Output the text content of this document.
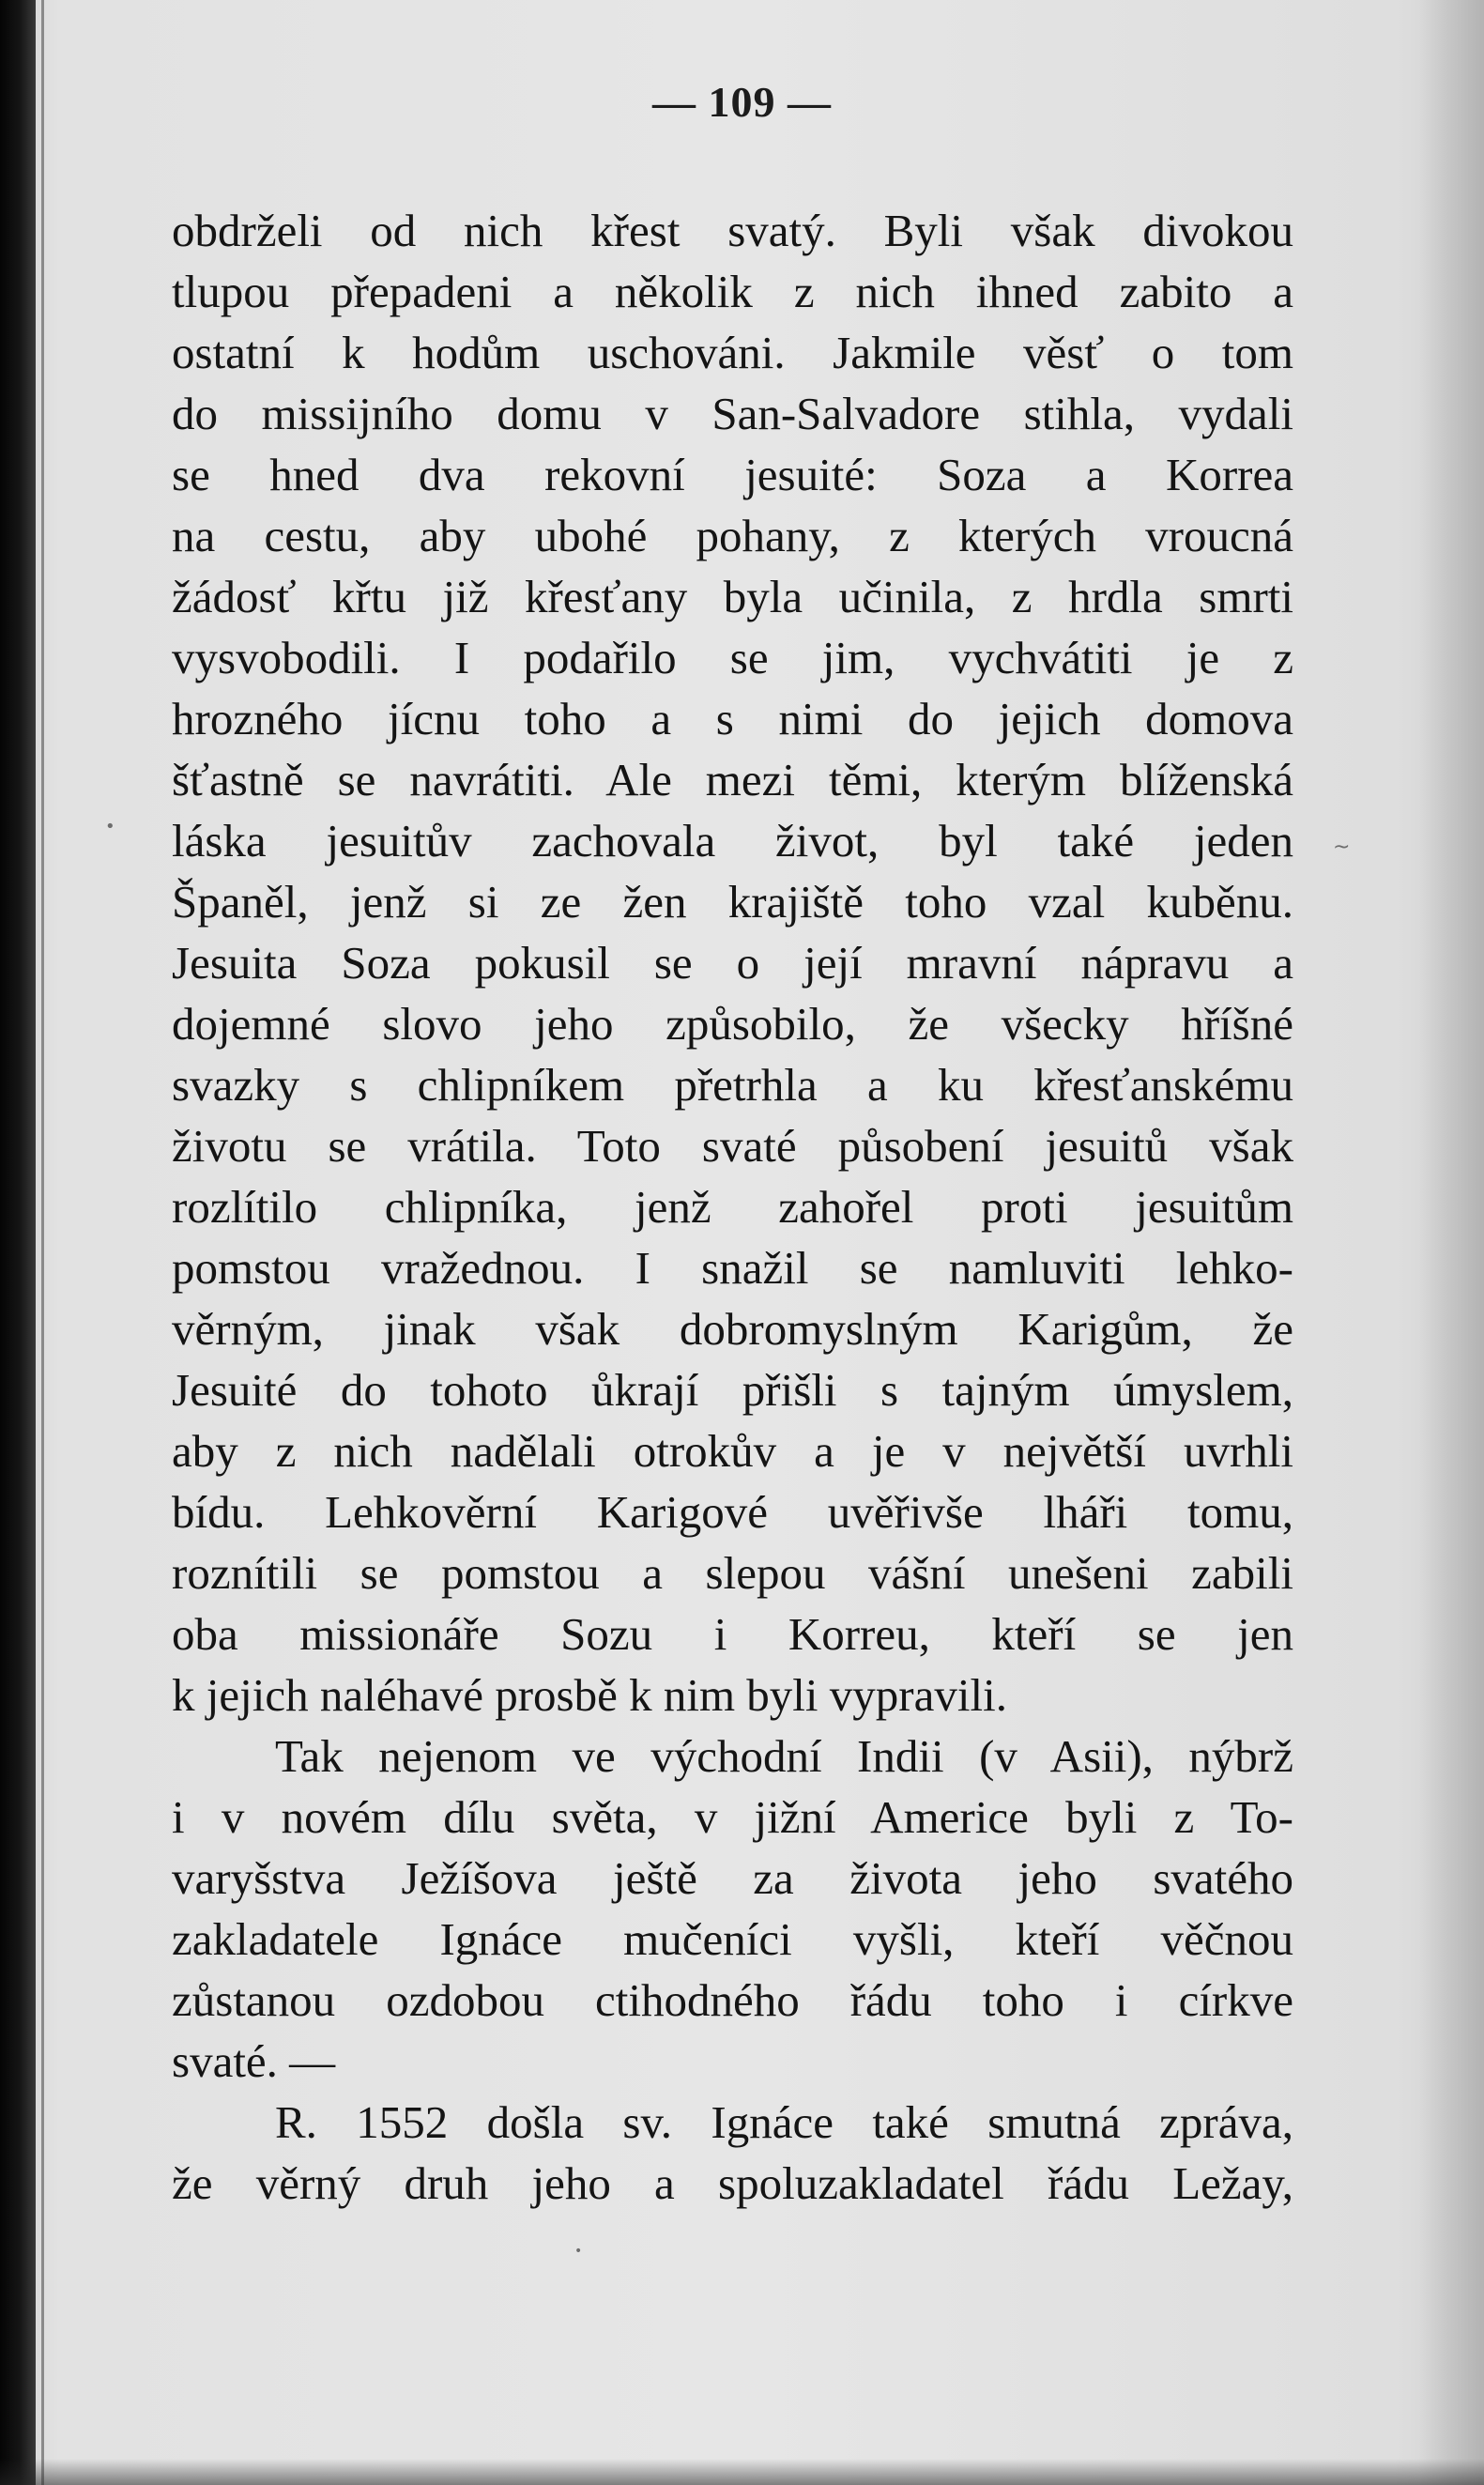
— 109 —
obdrželi od nich křest svatý. Byli však divokou
tlupou přepadeni a několik z nich ihned zabito a
ostatní k hodům uschováni. Jakmile věsť o tom
do missijního domu v San-Salvadore stihla, vydali
se hned dva rekovní jesuité: Soza a Korrea
na cestu, aby ubohé pohany, z kterých vroucná
žádosť křtu již křesťany byla učinila, z hrdla smrti
vysvobodili. I podařilo se jim, vychvátiti je z
hrozného jícnu toho a s nimi do jejich domova
šťastně se navrátiti. Ale mezi těmi, kterým blíženská
láska jesuitův zachovala život, byl také jeden
Španěl, jenž si ze žen krajiště toho vzal kuběnu.
Jesuita Soza pokusil se o její mravní nápravu a
dojemné slovo jeho způsobilo, že všecky hříšné
svazky s chlipníkem přetrhla a ku křesťanskému
životu se vrátila. Toto svaté působení jesuitů však
rozlítilo chlipníka, jenž zahořel proti jesuitům
pomstou vražednou. I snažil se namluviti lehko-
věrným, jinak však dobromyslným Karigům, že
Jesuité do tohoto ůkrají přišli s tajným úmyslem,
aby z nich nadělali otrokův a je v největší uvrhli
bídu. Lehkověrní Karigové uvěřivše lháři tomu,
roznítili se pomstou a slepou vášní unešeni zabili
oba missionáře Sozu i Korreu, kteří se jen
k jejich naléhavé prosbě k nim byli vypravili.
Tak nejenom ve východní Indii (v Asii), nýbrž
i v novém dílu světa, v jižní Americe byli z To-
varyšstva Ježíšova ještě za života jeho svatého
zakladatele Ignáce mučeníci vyšli, kteří věčnou
zůstanou ozdobou ctihodného řádu toho i církve
svaté. —
R. 1552 došla sv. Ignáce také smutná zpráva,
že věrný druh jeho a spoluzakladatel řádu Ležay,
•
•
~
